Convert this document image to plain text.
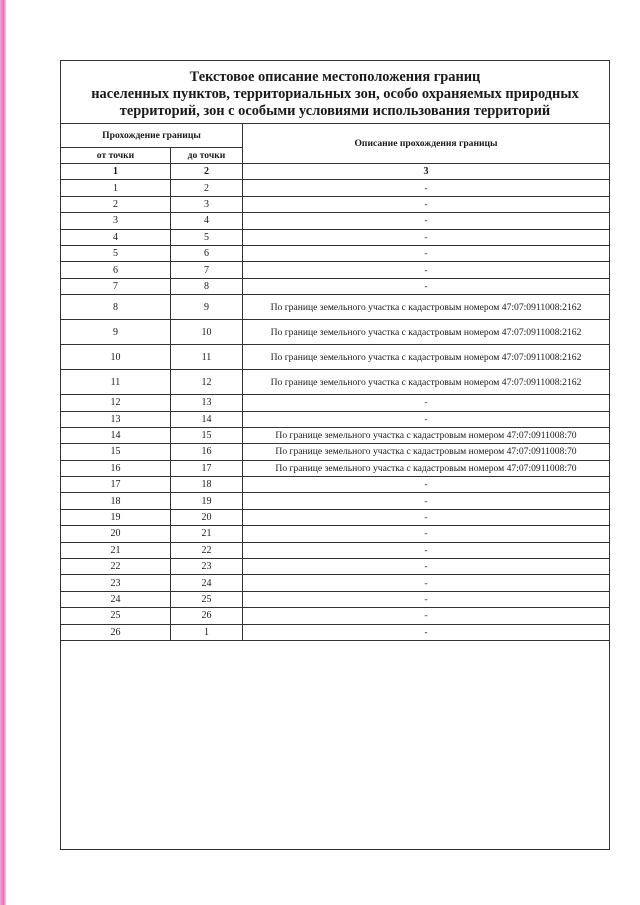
Текстовое описание местоположения границ
населенных пунктов, территориальных зон, особо охраняемых природных
территорий, зон с особыми условиями использования территорий
Прохождение границы		Описание прохождения границы
от точки	до точки	
1	2	3
1	2	-
2	3	-
3	4	-
4	5	-
5	6	-
6	7	-
7	8	-
8	9	По границе земельного участка с кадастровым номером 47:07:0911008:2162
9	10	По границе земельного участка с кадастровым номером 47:07:0911008:2162
10	11	По границе земельного участка с кадастровым номером 47:07:0911008:2162
11	12	По границе земельного участка с кадастровым номером 47:07:0911008:2162
12	13	-
13	14	-
14	15	По границе земельного участка с кадастровым номером 47:07:0911008:70
15	16	По границе земельного участка с кадастровым номером 47:07:0911008:70
16	17	По границе земельного участка с кадастровым номером 47:07:0911008:70
17	18	-
18	19	-
19	20	-
20	21	-
21	22	-
22	23	-
23	24	-
24	25	-
25	26	-
26	1	-
